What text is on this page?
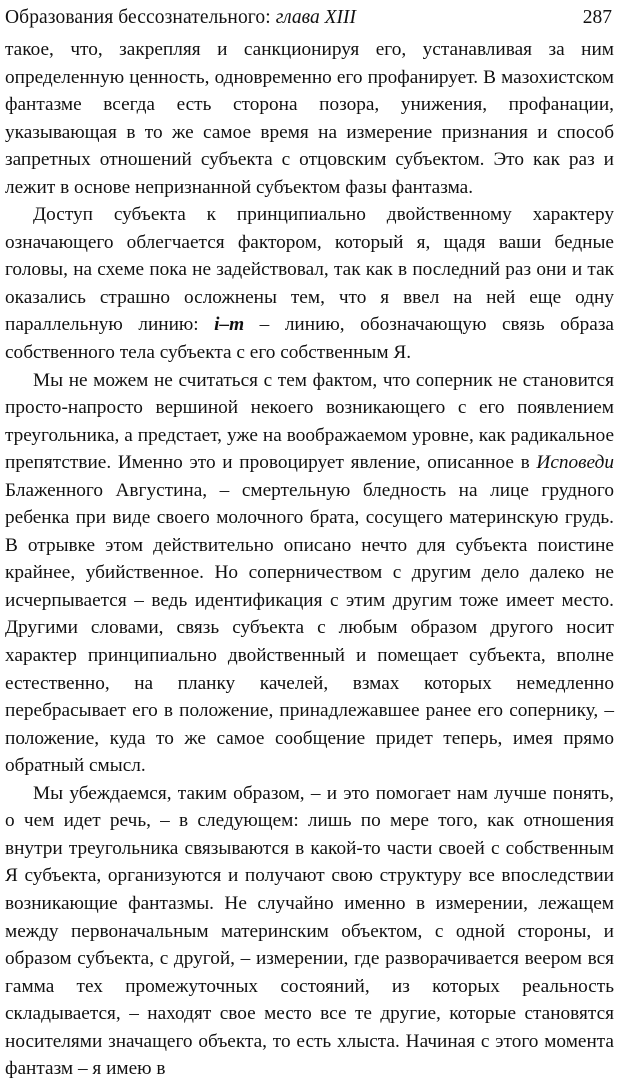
Образования бессознательного: глава XIII	287

такое, что, закрепляя и санкционируя его, устанавливая за ним определенную ценность, одновременно его профанирует. В мазохистском фантазме всегда есть сторона позора, унижения, профанации, указывающая в то же самое время на измерение признания и способ запретных отношений субъекта с отцовским субъектом. Это как раз и лежит в основе непризнанной субъектом фазы фантазма.

Доступ субъекта к принципиально двойственному характеру означающего облегчается фактором, который я, щадя ваши бедные головы, на схеме пока не задействовал, так как в последний раз они и так оказались страшно осложнены тем, что я ввел на ней еще одну параллельную линию: i–m – линию, обозначающую связь образа собственного тела субъекта с его собственным Я.

Мы не можем не считаться с тем фактом, что соперник не становится просто-напросто вершиной некоего возникающего с его появлением треугольника, а предстает, уже на воображаемом уровне, как радикальное препятствие. Именно это и провоцирует явление, описанное в Исповеди Блаженного Августина, – смертельную бледность на лице грудного ребенка при виде своего молочного брата, сосущего материнскую грудь. В отрывке этом действительно описано нечто для субъекта поистине крайнее, убийственное. Но соперничеством с другим дело далеко не исчерпывается – ведь идентификация с этим другим тоже имеет место. Другими словами, связь субъекта с любым образом другого носит характер принципиально двойственный и помещает субъекта, вполне естественно, на планку качелей, взмах которых немедленно перебрасывает его в положение, принадлежавшее ранее его сопернику, – положение, куда то же самое сообщение придет теперь, имея прямо обратный смысл.

Мы убеждаемся, таким образом, – и это помогает нам лучше понять, о чем идет речь, – в следующем: лишь по мере того, как отношения внутри треугольника связываются в какой-то части своей с собственным Я субъекта, организуются и получают свою структуру все впоследствии возникающие фантазмы. Не случайно именно в измерении, лежащем между первоначальным материнским объектом, с одной стороны, и образом субъекта, с другой, – измерении, где разворачивается веером вся гамма тех промежуточных состояний, из которых реальность складывается, – находят свое место все те другие, которые становятся носителями значащего объекта, то есть хлыста. Начиная с этого момента фантазм – я имею в
